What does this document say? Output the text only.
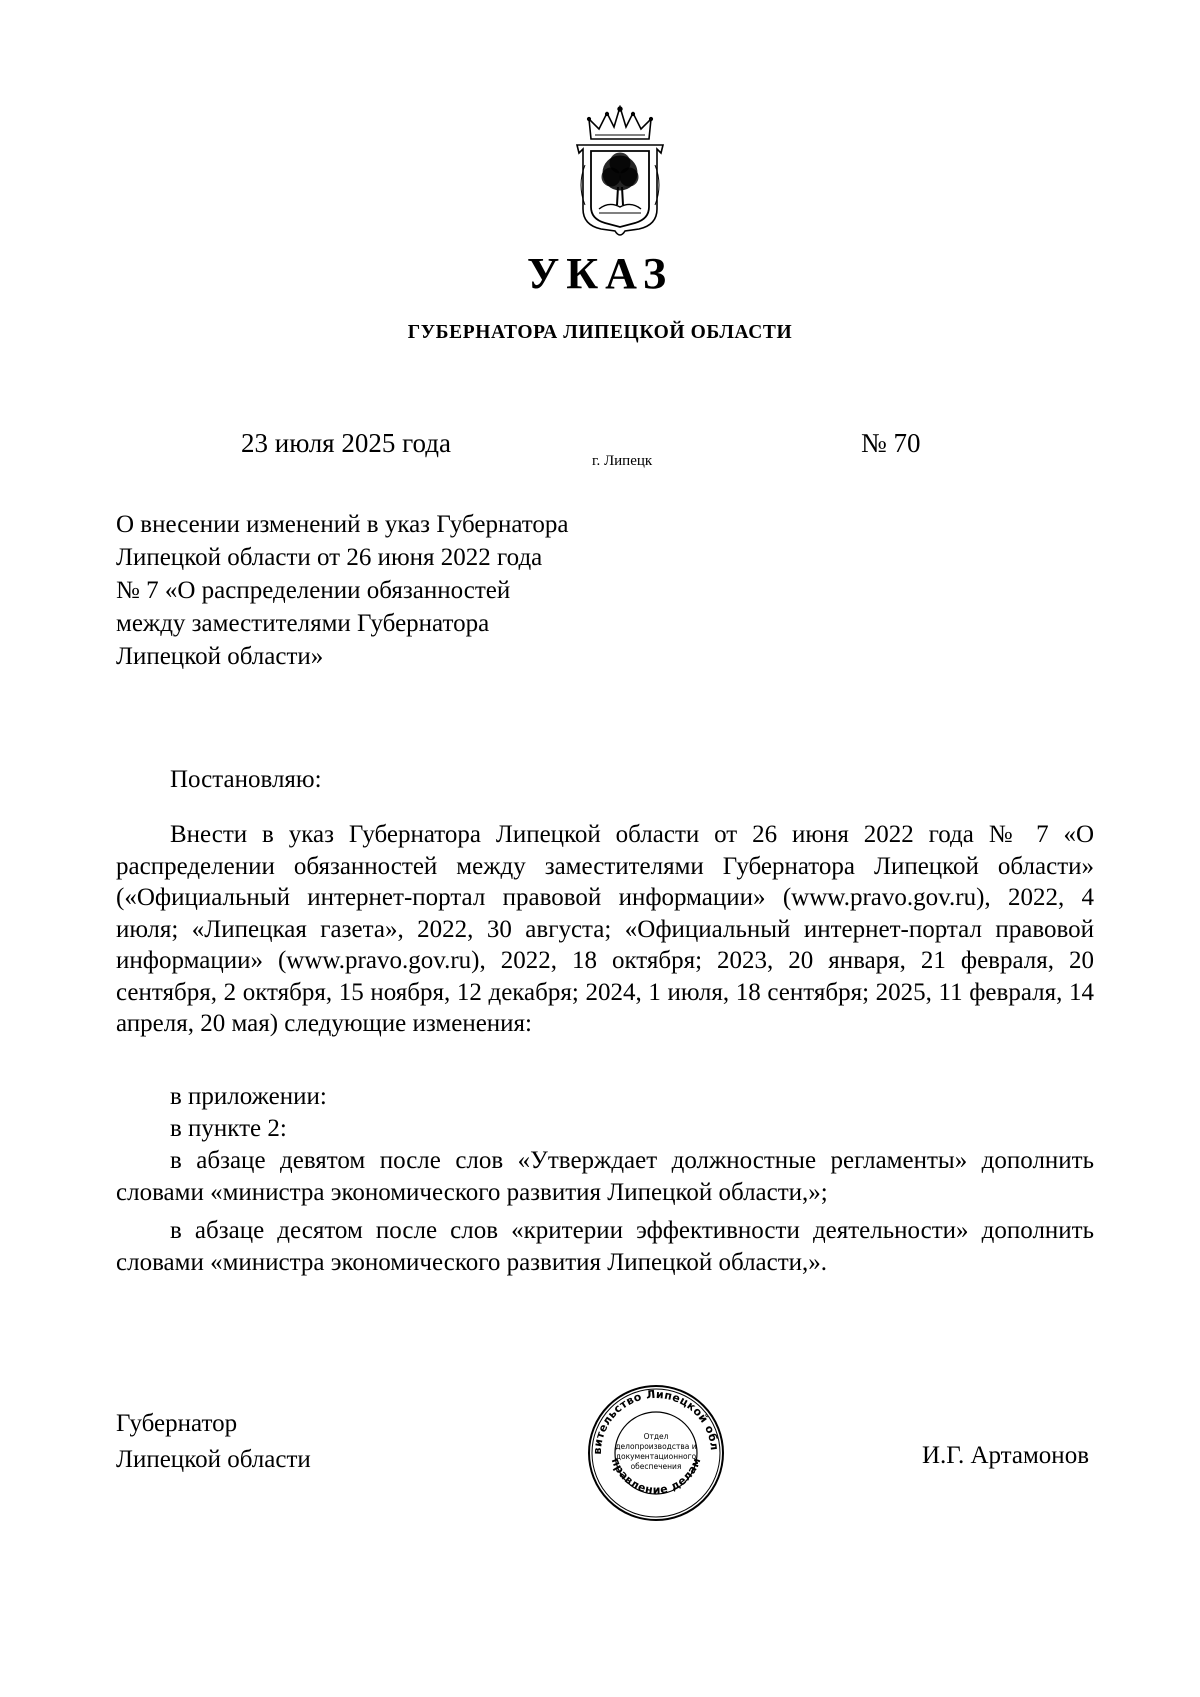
УКАЗ
ГУБЕРНАТОРА ЛИПЕЦКОЙ ОБЛАСТИ
23 июля 2025 года
г. Липецк
№ 70
О внесении изменений в указ Губернатора
Липецкой области от 26 июня 2022 года
№ 7 «О распределении обязанностей
между заместителями Губернатора
Липецкой области»
Постановляю:
Внести в указ Губернатора Липецкой области от 26 июня 2022 года № 7 «О распределении обязанностей между заместителями Губернатора Липецкой области» («Официальный интернет-портал правовой информации» (www.pravo.gov.ru), 2022, 4 июля; «Липецкая газета», 2022, 30 августа; «Официальный интернет-портал правовой информации» (www.pravo.gov.ru), 2022, 18 октября; 2023, 20 января, 21 февраля, 20 сентября, 2 октября, 15 ноября, 12 декабря; 2024, 1 июля, 18 сентября; 2025, 11 февраля, 14 апреля, 20 мая) следующие изменения:
в приложении:
в пункте 2:
в абзаце девятом после слов «Утверждает должностные регламенты» дополнить словами «министра экономического развития Липецкой области,»;
в абзаце десятом после слов «критерии эффективности деятельности» дополнить словами «министра экономического развития Липецкой области,».
Губернатор
Липецкой области	вительство Липецкой обл
правление делам
Отдел
делопроизводства и
документационного
обеспечения	И.Г. Артамонов
